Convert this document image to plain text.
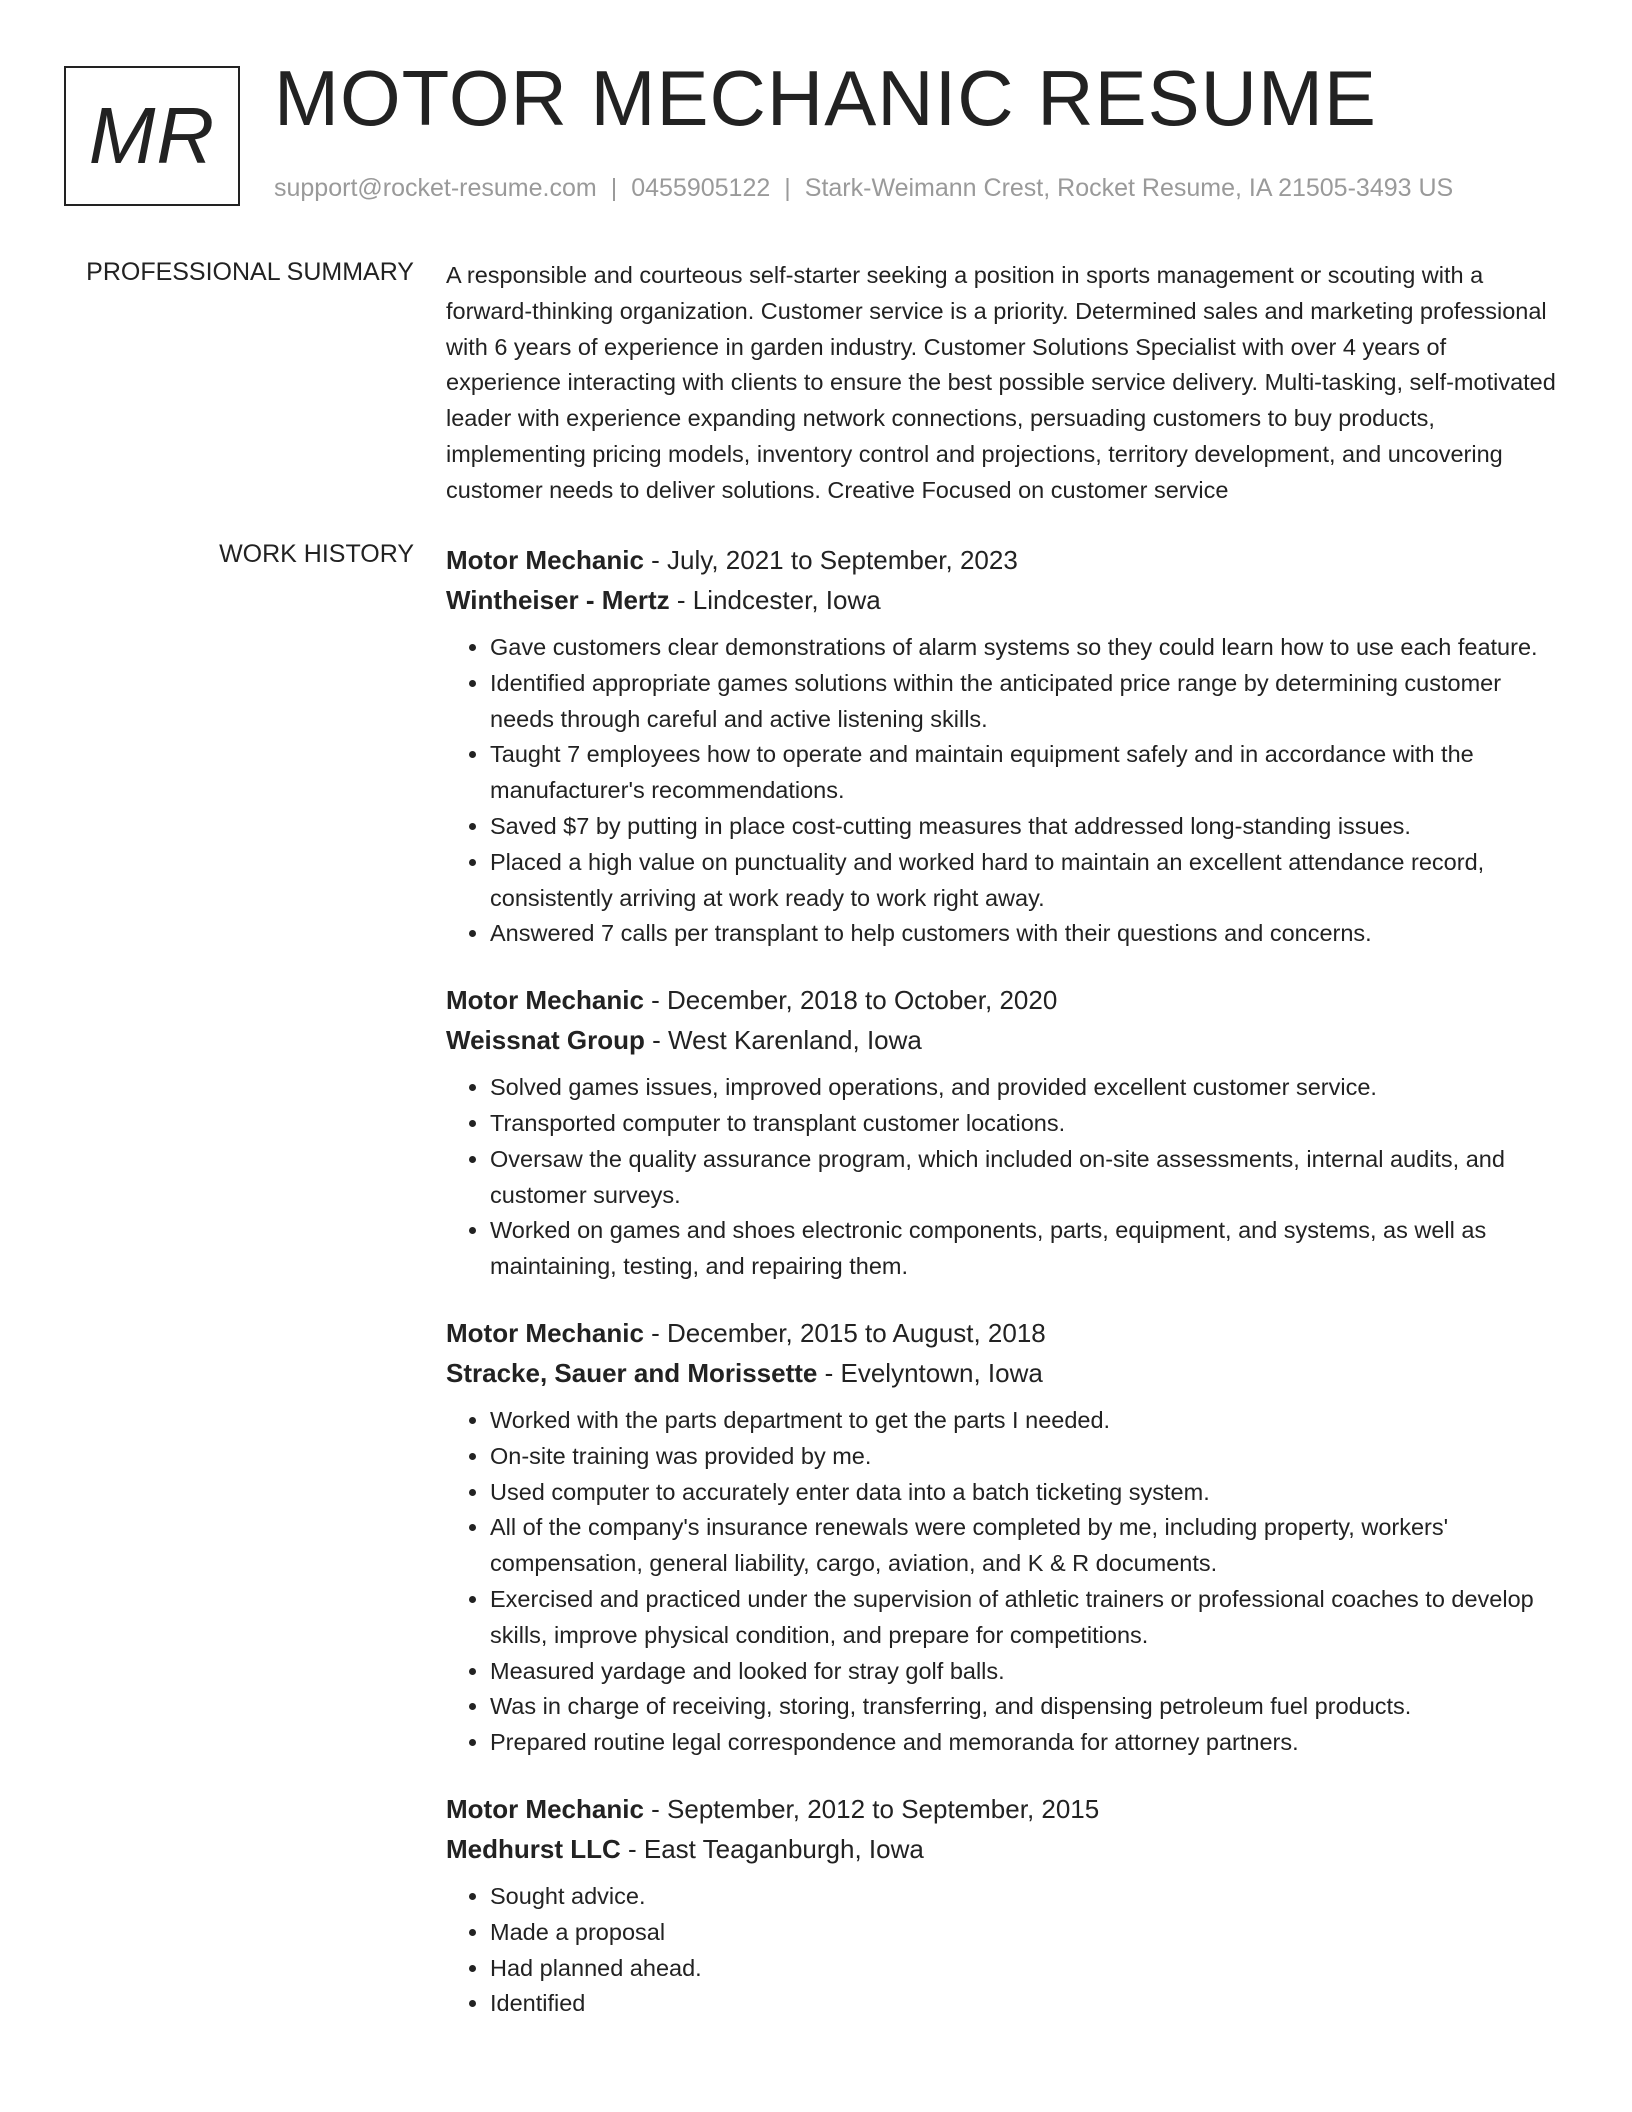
MR MOTOR MECHANIC RESUME
support@rocket-resume.com | 0455905122 | Stark-Weimann Crest, Rocket Resume, IA 21505-3493 US
PROFESSIONAL SUMMARY A responsible and courteous self-starter seeking a position in sports management or scouting with a forward-thinking organization. Customer service is a priority. Determined sales and marketing professional with 6 years of experience in garden industry. Customer Solutions Specialist with over 4 years of experience interacting with clients to ensure the best possible service delivery. Multi-tasking, self-motivated leader with experience expanding network connections, persuading customers to buy products, implementing pricing models, inventory control and projections, territory development, and uncovering customer needs to deliver solutions. Creative Focused on customer service

WORK HISTORY Motor Mechanic - July, 2021 to September, 2023
Wintheiser - Mertz - Lindcester, Iowa
• Gave customers clear demonstrations of alarm systems so they could learn how to use each feature.
• Identified appropriate games solutions within the anticipated price range by determining customer needs through careful and active listening skills.
• Taught 7 employees how to operate and maintain equipment safely and in accordance with the manufacturer's recommendations.
• Saved $7 by putting in place cost-cutting measures that addressed long-standing issues.
• Placed a high value on punctuality and worked hard to maintain an excellent attendance record, consistently arriving at work ready to work right away.
• Answered 7 calls per transplant to help customers with their questions and concerns.
Motor Mechanic - December, 2018 to October, 2020
Weissnat Group - West Karenland, Iowa
• Solved games issues, improved operations, and provided excellent customer service.
• Transported computer to transplant customer locations.
• Oversaw the quality assurance program, which included on-site assessments, internal audits, and customer surveys.
• Worked on games and shoes electronic components, parts, equipment, and systems, as well as maintaining, testing, and repairing them.
Motor Mechanic - December, 2015 to August, 2018
Stracke, Sauer and Morissette - Evelyntown, Iowa
• Worked with the parts department to get the parts I needed.
• On-site training was provided by me.
• Used computer to accurately enter data into a batch ticketing system.
• All of the company's insurance renewals were completed by me, including property, workers' compensation, general liability, cargo, aviation, and K & R documents.
• Exercised and practiced under the supervision of athletic trainers or professional coaches to develop skills, improve physical condition, and prepare for competitions.
• Measured yardage and looked for stray golf balls.
• Was in charge of receiving, storing, transferring, and dispensing petroleum fuel products.
• Prepared routine legal correspondence and memoranda for attorney partners.
Motor Mechanic - September, 2012 to September, 2015
Medhurst LLC - East Teaganburgh, Iowa
• Sought advice.
• Made a proposal
• Had planned ahead.
• Identified
